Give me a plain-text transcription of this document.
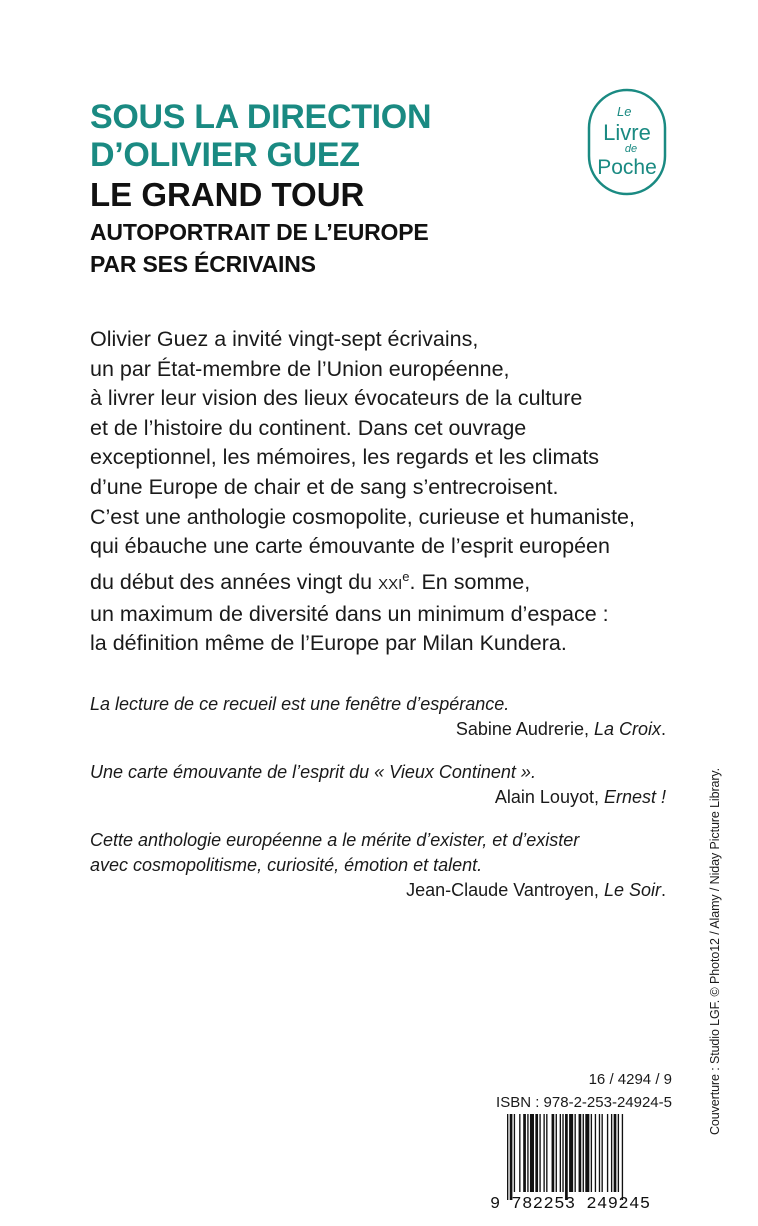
SOUS LA DIRECTION
D’OLIVIER GUEZ
LE GRAND TOUR
AUTOPORTRAIT DE L’EUROPE
PAR SES ÉCRIVAINS
Le
Livre
de
Poche

Olivier Guez a invité vingt-sept écrivains,

un par État-membre de l’Union européenne,

à livrer leur vision des lieux évocateurs de la culture

et de l’histoire du continent. Dans cet ouvrage

exceptionnel, les mémoires, les regards et les climats

d’une Europe de chair et de sang s’entrecroisent.

C’est une anthologie cosmopolite, curieuse et humaniste,

qui ébauche une carte émouvante de l’esprit européen

du début des années vingt du XXIe. En somme,

un maximum de diversité dans un minimum d’espace :

la définition même de l’Europe par Milan Kundera.

La lecture de ce recueil est une fenêtre d’espérance.
Sabine Audrerie, La Croix.
Une carte émouvante de l’esprit du « Vieux Continent ».
Alain Louyot, Ernest !
Cette anthologie européenne a le mérite d’exister, et d’exister
avec cosmopolitisme, curiosité, émotion et talent.
Jean-Claude Vantroyen, Le Soir.	Couverture : Studio LGF. © Photo12 / Alamy / Niday Picture Library.
16 / 4294 / 9
ISBN : 978-2-253-24924-5
9 782253 249245
